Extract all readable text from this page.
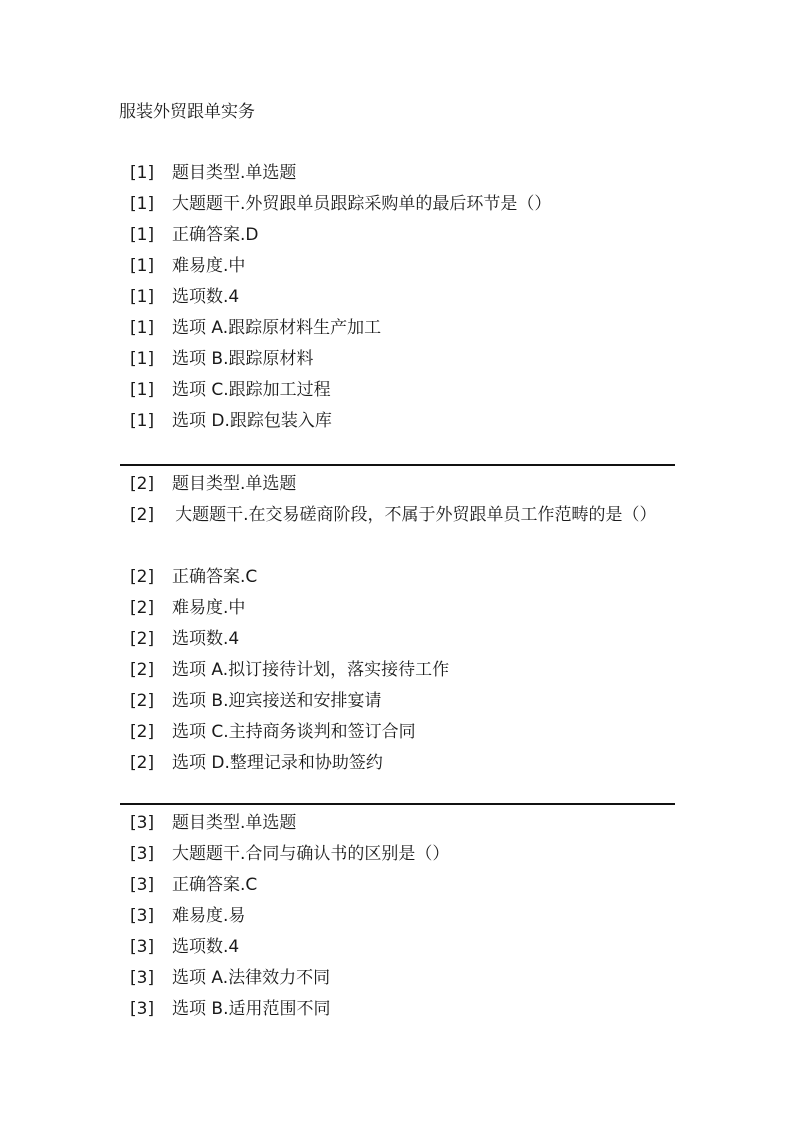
服装外贸跟单实务
[1] 题目类型.单选题
[1] 大题题干.外贸跟单员跟踪采购单的最后环节是（）
[1] 正确答案.D
[1] 难易度.中
[1] 选项数.4
[1] 选项 A.跟踪原材料生产加工
[1] 选项 B.跟踪原材料
[1] 选项 C.跟踪加工过程
[1] 选项 D.跟踪包装入库
[2] 题目类型.单选题
[2] 大题题干.在交易磋商阶段，不属于外贸跟单员工作范畴的是（）
[2] 正确答案.C
[2] 难易度.中
[2] 选项数.4
[2] 选项 A.拟订接待计划，落实接待工作
[2] 选项 B.迎宾接送和安排宴请
[2] 选项 C.主持商务谈判和签订合同
[2] 选项 D.整理记录和协助签约
[3] 题目类型.单选题
[3] 大题题干.合同与确认书的区别是（）
[3] 正确答案.C
[3] 难易度.易
[3] 选项数.4
[3] 选项 A.法律效力不同
[3] 选项 B.适用范围不同
